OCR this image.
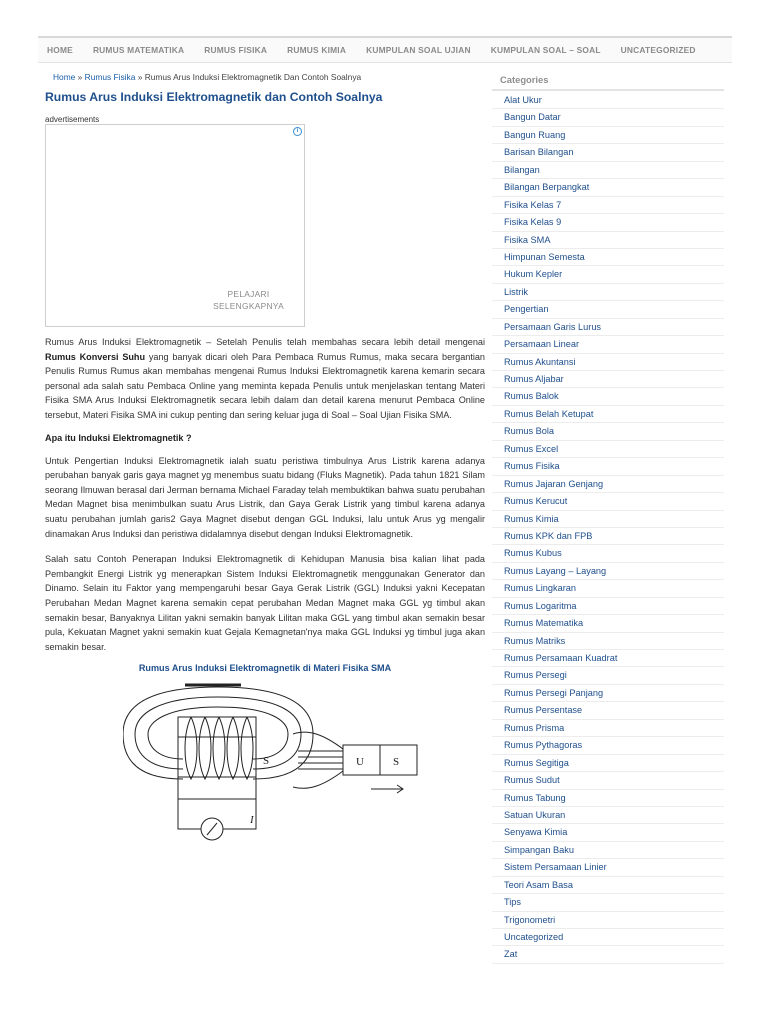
HOME RUMUS MATEMATIKA RUMUS FISIKA RUMUS KIMIA KUMPULAN SOAL UJIAN KUMPULAN SOAL – SOAL UNCATEGORIZED
Home » Rumus Fisika » Rumus Arus Induksi Elektromagnetik Dan Contoh Soalnya
Rumus Arus Induksi Elektromagnetik dan Contoh Soalnya
advertisements
i
PELAJARI
SELENGKAPNYA

Rumus Arus Induksi Elektromagnetik – Setelah Penulis telah membahas secara lebih detail mengenai Rumus Konversi Suhu yang banyak dicari oleh Para Pembaca Rumus Rumus, maka secara bergantian Penulis Rumus Rumus akan membahas mengenai Rumus Induksi Elektromagnetik karena kemarin secara personal ada salah satu Pembaca Online yang meminta kepada Penulis untuk menjelaskan tentang Materi Fisika SMA Arus Induksi Elektromagnetik secara lebih dalam dan detail karena menurut Pembaca Online tersebut, Materi Fisika SMA ini cukup penting dan sering keluar juga di Soal – Soal Ujian Fisika SMA.

Apa itu Induksi Elektromagnetik ?

Untuk Pengertian Induksi Elektromagnetik ialah suatu peristiwa timbulnya Arus Listrik karena adanya perubahan banyak garis gaya magnet yg menembus suatu bidang (Fluks Magnetik). Pada tahun 1821 Silam seorang Ilmuwan berasal dari Jerman bernama Michael Faraday telah membuktikan bahwa suatu perubahan Medan Magnet bisa menimbulkan suatu Arus Listrik, dan Gaya Gerak Listrik yang timbul karena adanya suatu perubahan jumlah garis2 Gaya Magnet disebut dengan GGL Induksi, lalu untuk Arus yg mengalir dinamakan Arus Induksi dan peristiwa didalamnya disebut dengan Induksi Elektromagnetik.

Salah satu Contoh Penerapan Induksi Elektromagnetik di Kehidupan Manusia bisa kalian lihat pada Pembangkit Energi Listrik yg menerapkan Sistem Induksi Elektromagnetik menggunakan Generator dan Dinamo. Selain itu Faktor yang mempengaruhi besar Gaya Gerak Listrik (GGL) Induksi yakni Kecepatan Perubahan Medan Magnet karena semakin cepat perubahan Medan Magnet maka GGL yg timbul akan semakin besar, Banyaknya Lilitan yakni semakin banyak Lilitan maka GGL yang timbul akan semakin besar pula, Kekuatan Magnet yakni semakin kuat Gejala Kemagnetan'nya maka GGL Induksi yg timbul juga akan semakin besar.

Rumus Arus Induksi Elektromagnetik di Materi Fisika SMA
U	S
S
I
Categories
Alat Ukur
Bangun Datar
Bangun Ruang
Barisan Bilangan
Bilangan
Bilangan Berpangkat
Fisika Kelas 7
Fisika Kelas 9
Fisika SMA
Himpunan Semesta
Hukum Kepler
Listrik
Pengertian
Persamaan Garis Lurus
Persamaan Linear
Rumus Akuntansi
Rumus Aljabar
Rumus Balok
Rumus Belah Ketupat
Rumus Bola
Rumus Excel
Rumus Fisika
Rumus Jajaran Genjang
Rumus Kerucut
Rumus Kimia
Rumus KPK dan FPB
Rumus Kubus
Rumus Layang – Layang
Rumus Lingkaran
Rumus Logaritma
Rumus Matematika
Rumus Matriks
Rumus Persamaan Kuadrat
Rumus Persegi
Rumus Persegi Panjang
Rumus Persentase
Rumus Prisma
Rumus Pythagoras
Rumus Segitiga
Rumus Sudut
Rumus Tabung
Satuan Ukuran
Senyawa Kimia
Simpangan Baku
Sistem Persamaan Linier
Teori Asam Basa
Tips
Trigonometri
Uncategorized
Zat
